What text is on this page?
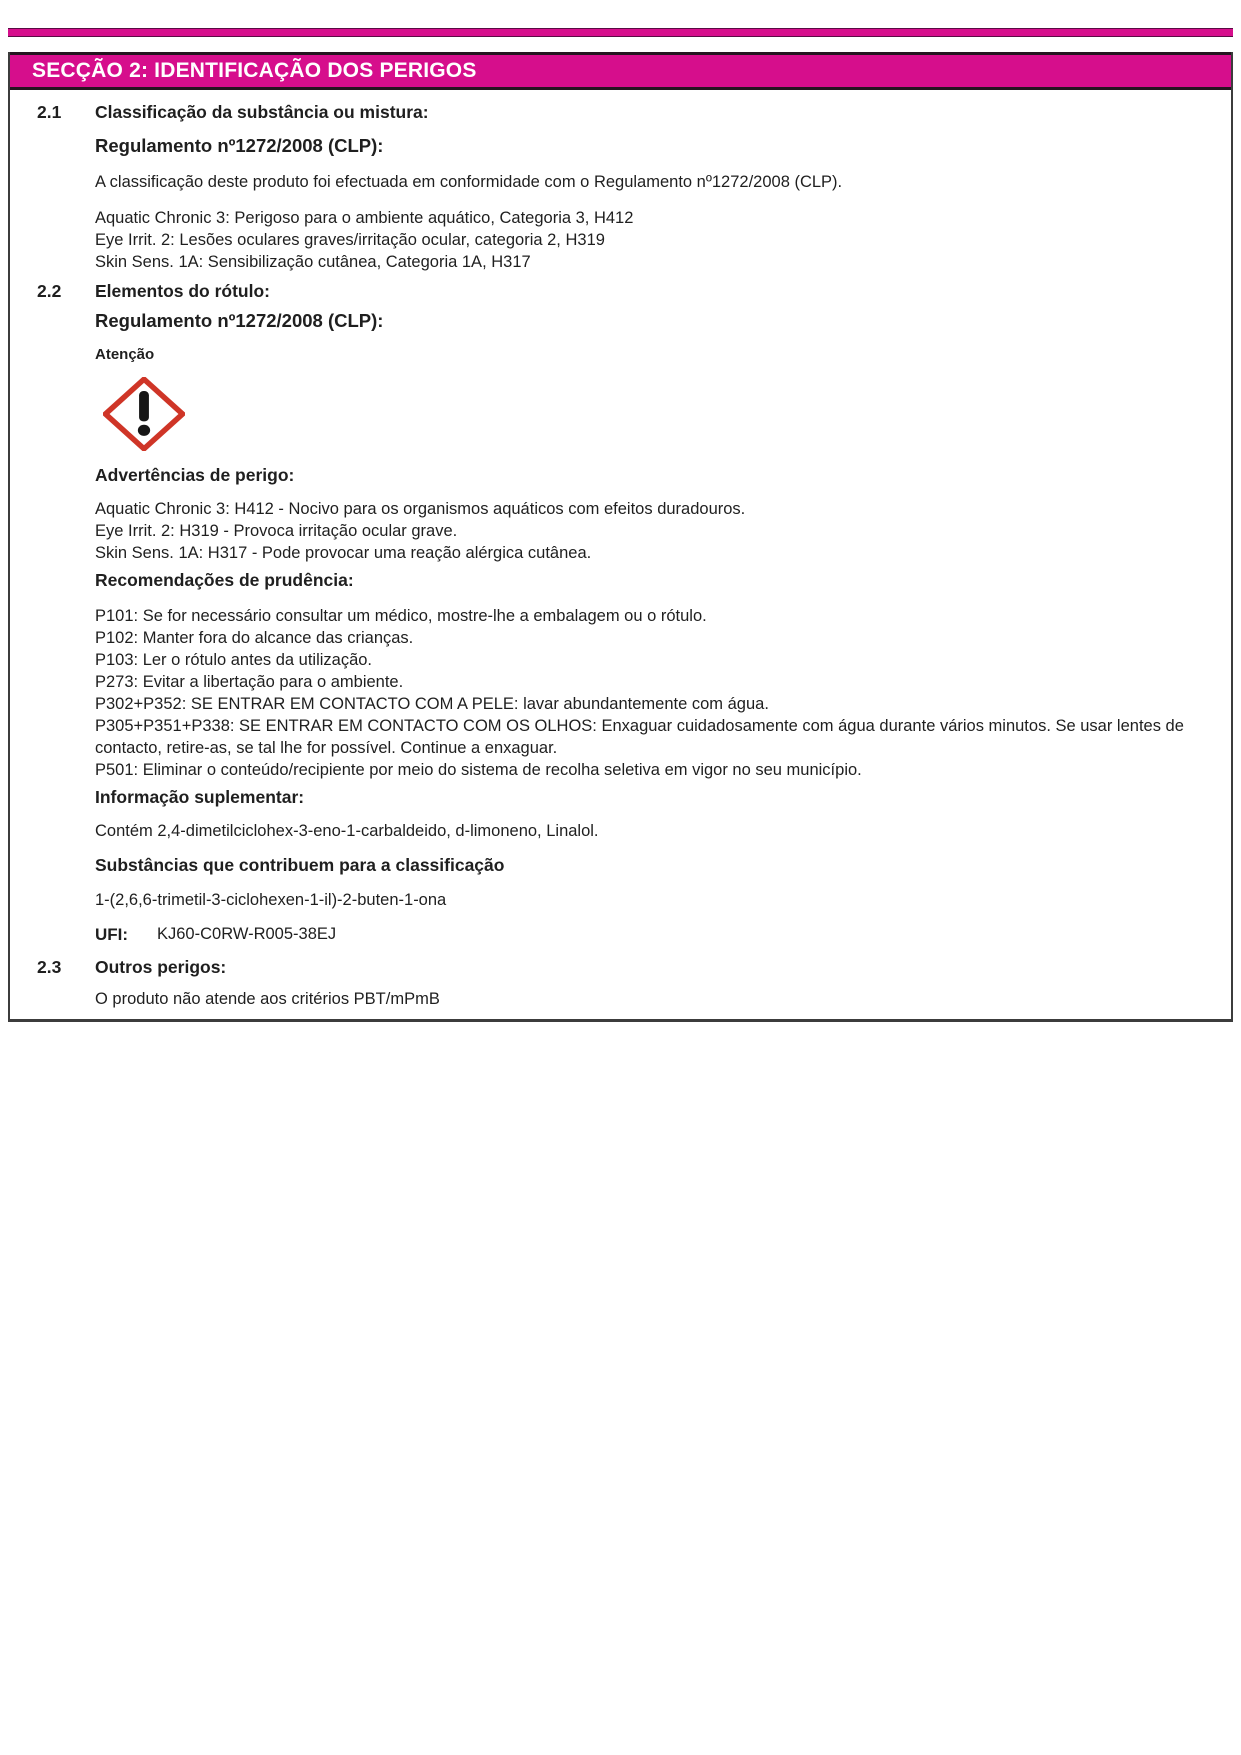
SECÇÃO 2: IDENTIFICAÇÃO DOS PERIGOS
2.1	Classificação da substância ou mistura:
Regulamento nº1272/2008 (CLP):
A classificação deste produto foi efectuada em conformidade com o Regulamento nº1272/2008 (CLP).
Aquatic Chronic 3: Perigoso para o ambiente aquático, Categoria 3, H412
Eye Irrit. 2: Lesões oculares graves/irritação ocular, categoria 2, H319
Skin Sens. 1A: Sensibilização cutânea, Categoria 1A, H317
2.2	Elementos do rótulo:
Regulamento nº1272/2008 (CLP):
Atenção
Advertências de perigo:
Aquatic Chronic 3: H412 - Nocivo para os organismos aquáticos com efeitos duradouros.
Eye Irrit. 2: H319 - Provoca irritação ocular grave.
Skin Sens. 1A: H317 - Pode provocar uma reação alérgica cutânea.
Recomendações de prudência:
P101: Se for necessário consultar um médico, mostre-lhe a embalagem ou o rótulo.
P102: Manter fora do alcance das crianças.
P103: Ler o rótulo antes da utilização.
P273: Evitar a libertação para o ambiente.
P302+P352: SE ENTRAR EM CONTACTO COM A PELE: lavar abundantemente com água.
P305+P351+P338: SE ENTRAR EM CONTACTO COM OS OLHOS: Enxaguar cuidadosamente com água durante vários minutos. Se usar lentes de contacto, retire-as, se tal lhe for possível. Continue a enxaguar.
P501: Eliminar o conteúdo/recipiente por meio do sistema de recolha seletiva em vigor no seu município.
Informação suplementar:
Contém 2,4-dimetilciclohex-3-eno-1-carbaldeido, d-limoneno, Linalol.
Substâncias que contribuem para a classificação
1-(2,6,6-trimetil-3-ciclohexen-1-il)-2-buten-1-ona
UFI:	KJ60-C0RW-R005-38EJ
2.3	Outros perigos:
O produto não atende aos critérios PBT/mPmB
